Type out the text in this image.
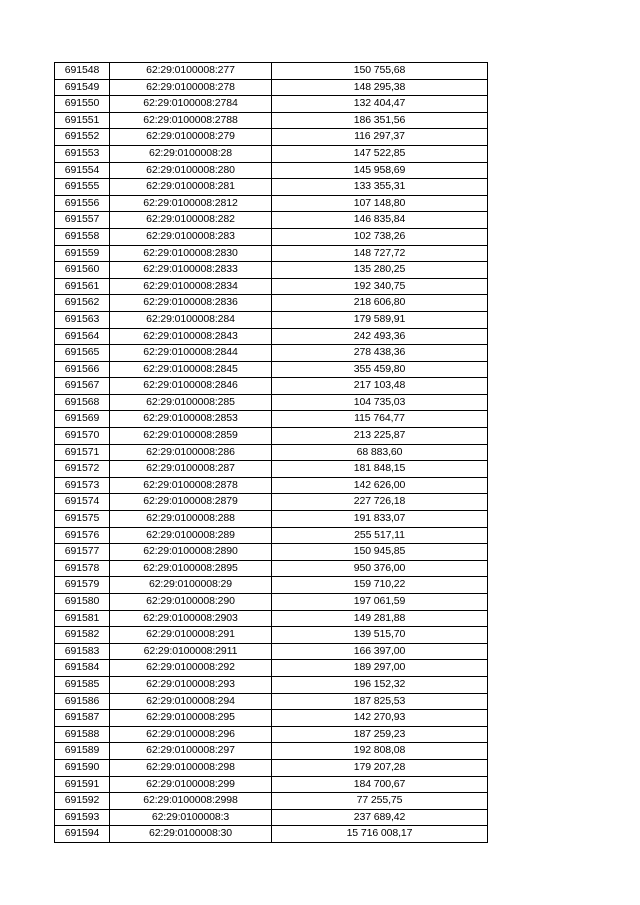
691548	62:29:0100008:277	150 755,68
691549	62:29:0100008:278	148 295,38
691550	62:29:0100008:2784	132 404,47
691551	62:29:0100008:2788	186 351,56
691552	62:29:0100008:279	116 297,37
691553	62:29:0100008:28	147 522,85
691554	62:29:0100008:280	145 958,69
691555	62:29:0100008:281	133 355,31
691556	62:29:0100008:2812	107 148,80
691557	62:29:0100008:282	146 835,84
691558	62:29:0100008:283	102 738,26
691559	62:29:0100008:2830	148 727,72
691560	62:29:0100008:2833	135 280,25
691561	62:29:0100008:2834	192 340,75
691562	62:29:0100008:2836	218 606,80
691563	62:29:0100008:284	179 589,91
691564	62:29:0100008:2843	242 493,36
691565	62:29:0100008:2844	278 438,36
691566	62:29:0100008:2845	355 459,80
691567	62:29:0100008:2846	217 103,48
691568	62:29:0100008:285	104 735,03
691569	62:29:0100008:2853	115 764,77
691570	62:29:0100008:2859	213 225,87
691571	62:29:0100008:286	68 883,60
691572	62:29:0100008:287	181 848,15
691573	62:29:0100008:2878	142 626,00
691574	62:29:0100008:2879	227 726,18
691575	62:29:0100008:288	191 833,07
691576	62:29:0100008:289	255 517,11
691577	62:29:0100008:2890	150 945,85
691578	62:29:0100008:2895	950 376,00
691579	62:29:0100008:29	159 710,22
691580	62:29:0100008:290	197 061,59
691581	62:29:0100008:2903	149 281,88
691582	62:29:0100008:291	139 515,70
691583	62:29:0100008:2911	166 397,00
691584	62:29:0100008:292	189 297,00
691585	62:29:0100008:293	196 152,32
691586	62:29:0100008:294	187 825,53
691587	62:29:0100008:295	142 270,93
691588	62:29:0100008:296	187 259,23
691589	62:29:0100008:297	192 808,08
691590	62:29:0100008:298	179 207,28
691591	62:29:0100008:299	184 700,67
691592	62:29:0100008:2998	77 255,75
691593	62:29:0100008:3	237 689,42
691594	62:29:0100008:30	15 716 008,17
